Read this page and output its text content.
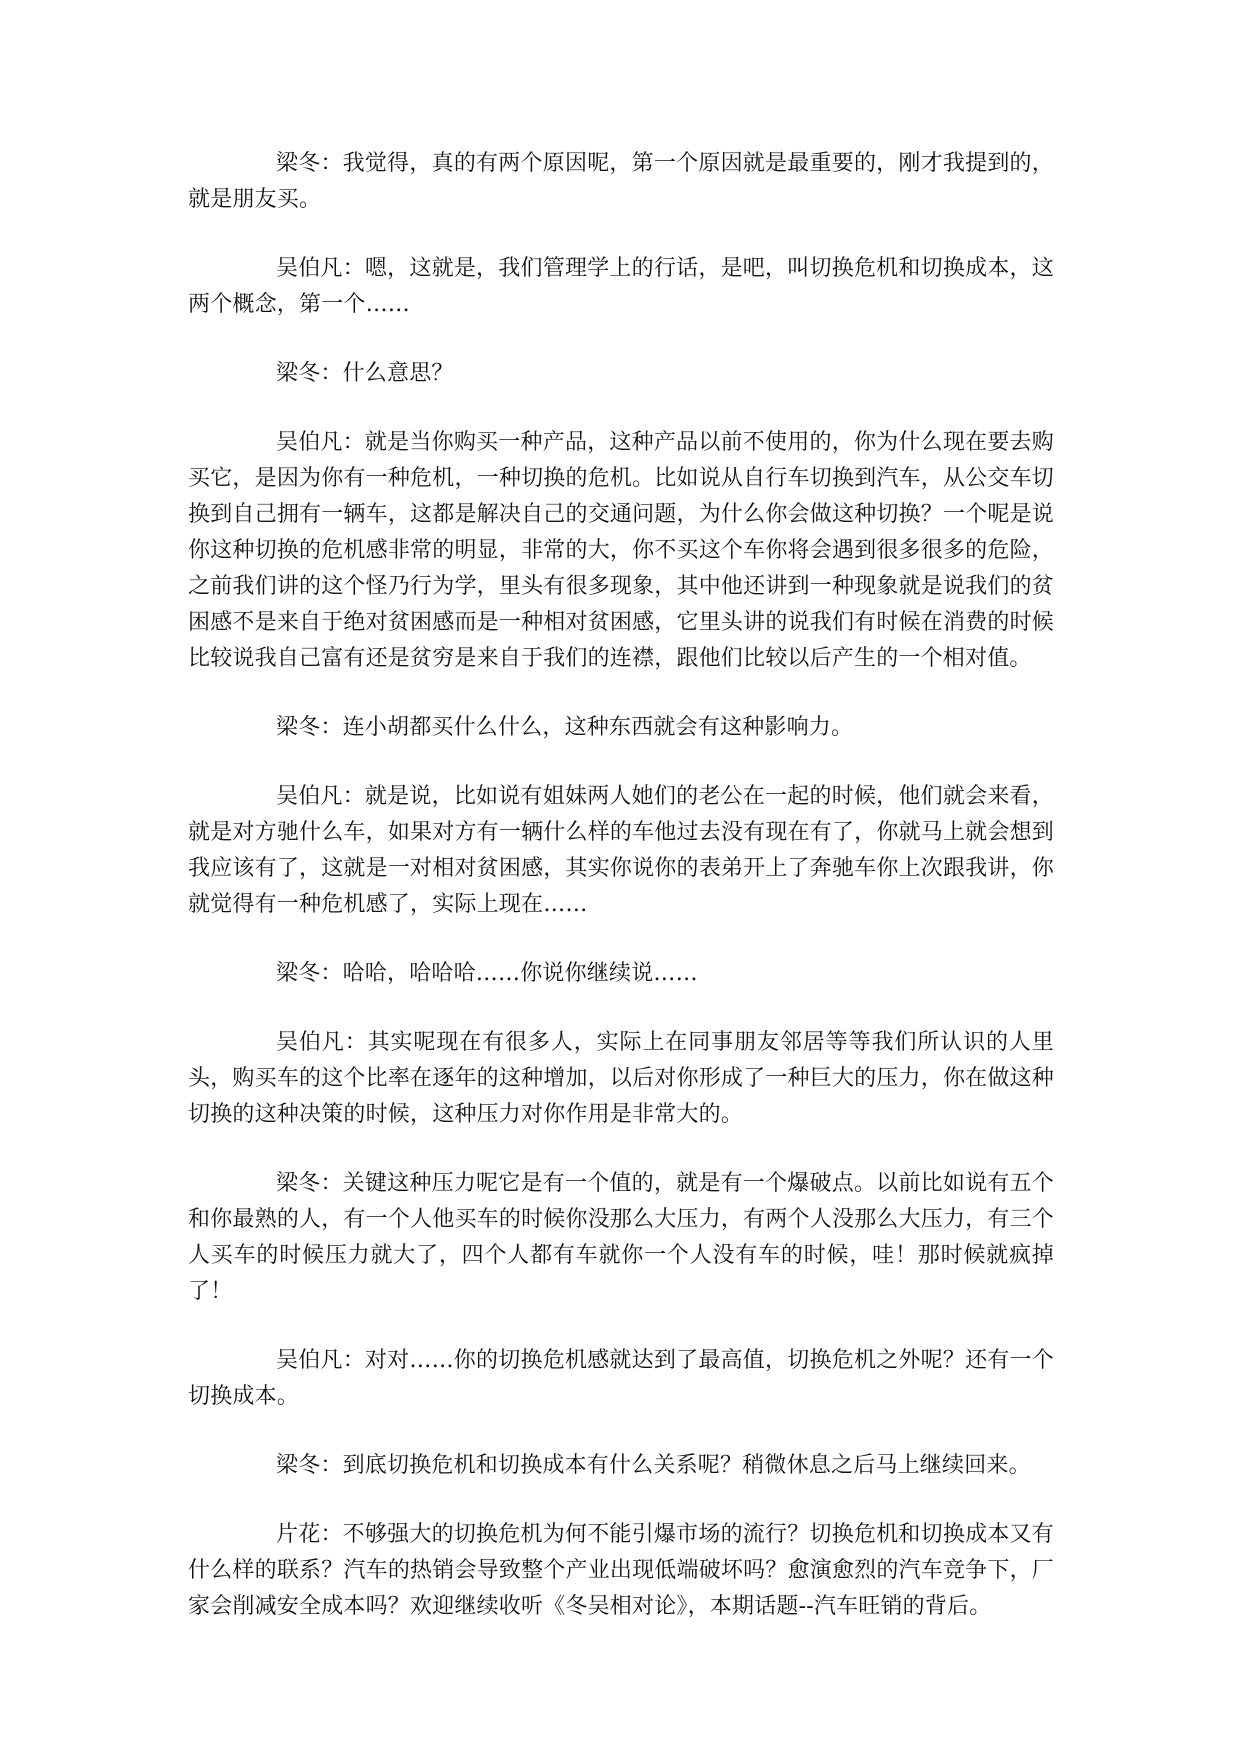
梁冬：我觉得，真的有两个原因呢，第一个原因就是最重要的，刚才我提到的，就是朋友买。

吴伯凡：嗯，这就是，我们管理学上的行话，是吧，叫切换危机和切换成本，这两个概念，第一个……

梁冬：什么意思？

吴伯凡：就是当你购买一种产品，这种产品以前不使用的，你为什么现在要去购买它，是因为你有一种危机，一种切换的危机。比如说从自行车切换到汽车，从公交车切换到自己拥有一辆车，这都是解决自己的交通问题，为什么你会做这种切换？一个呢是说你这种切换的危机感非常的明显，非常的大，你不买这个车你将会遇到很多很多的危险，之前我们讲的这个怪乃行为学，里头有很多现象，其中他还讲到一种现象就是说我们的贫困感不是来自于绝对贫困感而是一种相对贫困感，它里头讲的说我们有时候在消费的时候比较说我自己富有还是贫穷是来自于我们的连襟，跟他们比较以后产生的一个相对值。

梁冬：连小胡都买什么什么，这种东西就会有这种影响力。

吴伯凡：就是说，比如说有姐妹两人她们的老公在一起的时候，他们就会来看，就是对方驰什么车，如果对方有一辆什么样的车他过去没有现在有了，你就马上就会想到我应该有了，这就是一对相对贫困感，其实你说你的表弟开上了奔驰车你上次跟我讲，你就觉得有一种危机感了，实际上现在……

梁冬：哈哈，哈哈哈……你说你继续说……

吴伯凡：其实呢现在有很多人，实际上在同事朋友邻居等等我们所认识的人里头，购买车的这个比率在逐年的这种增加，以后对你形成了一种巨大的压力，你在做这种切换的这种决策的时候，这种压力对你作用是非常大的。

梁冬：关键这种压力呢它是有一个值的，就是有一个爆破点。以前比如说有五个和你最熟的人，有一个人他买车的时候你没那么大压力，有两个人没那么大压力，有三个人买车的时候压力就大了，四个人都有车就你一个人没有车的时候，哇！那时候就疯掉了！

吴伯凡：对对……你的切换危机感就达到了最高值，切换危机之外呢？还有一个切换成本。

梁冬：到底切换危机和切换成本有什么关系呢？稍微休息之后马上继续回来。

片花：不够强大的切换危机为何不能引爆市场的流行？切换危机和切换成本又有什么样的联系？汽车的热销会导致整个产业出现低端破坏吗？愈演愈烈的汽车竞争下，厂家会削减安全成本吗？欢迎继续收听《冬吴相对论》，本期话题--汽车旺销的背后。
